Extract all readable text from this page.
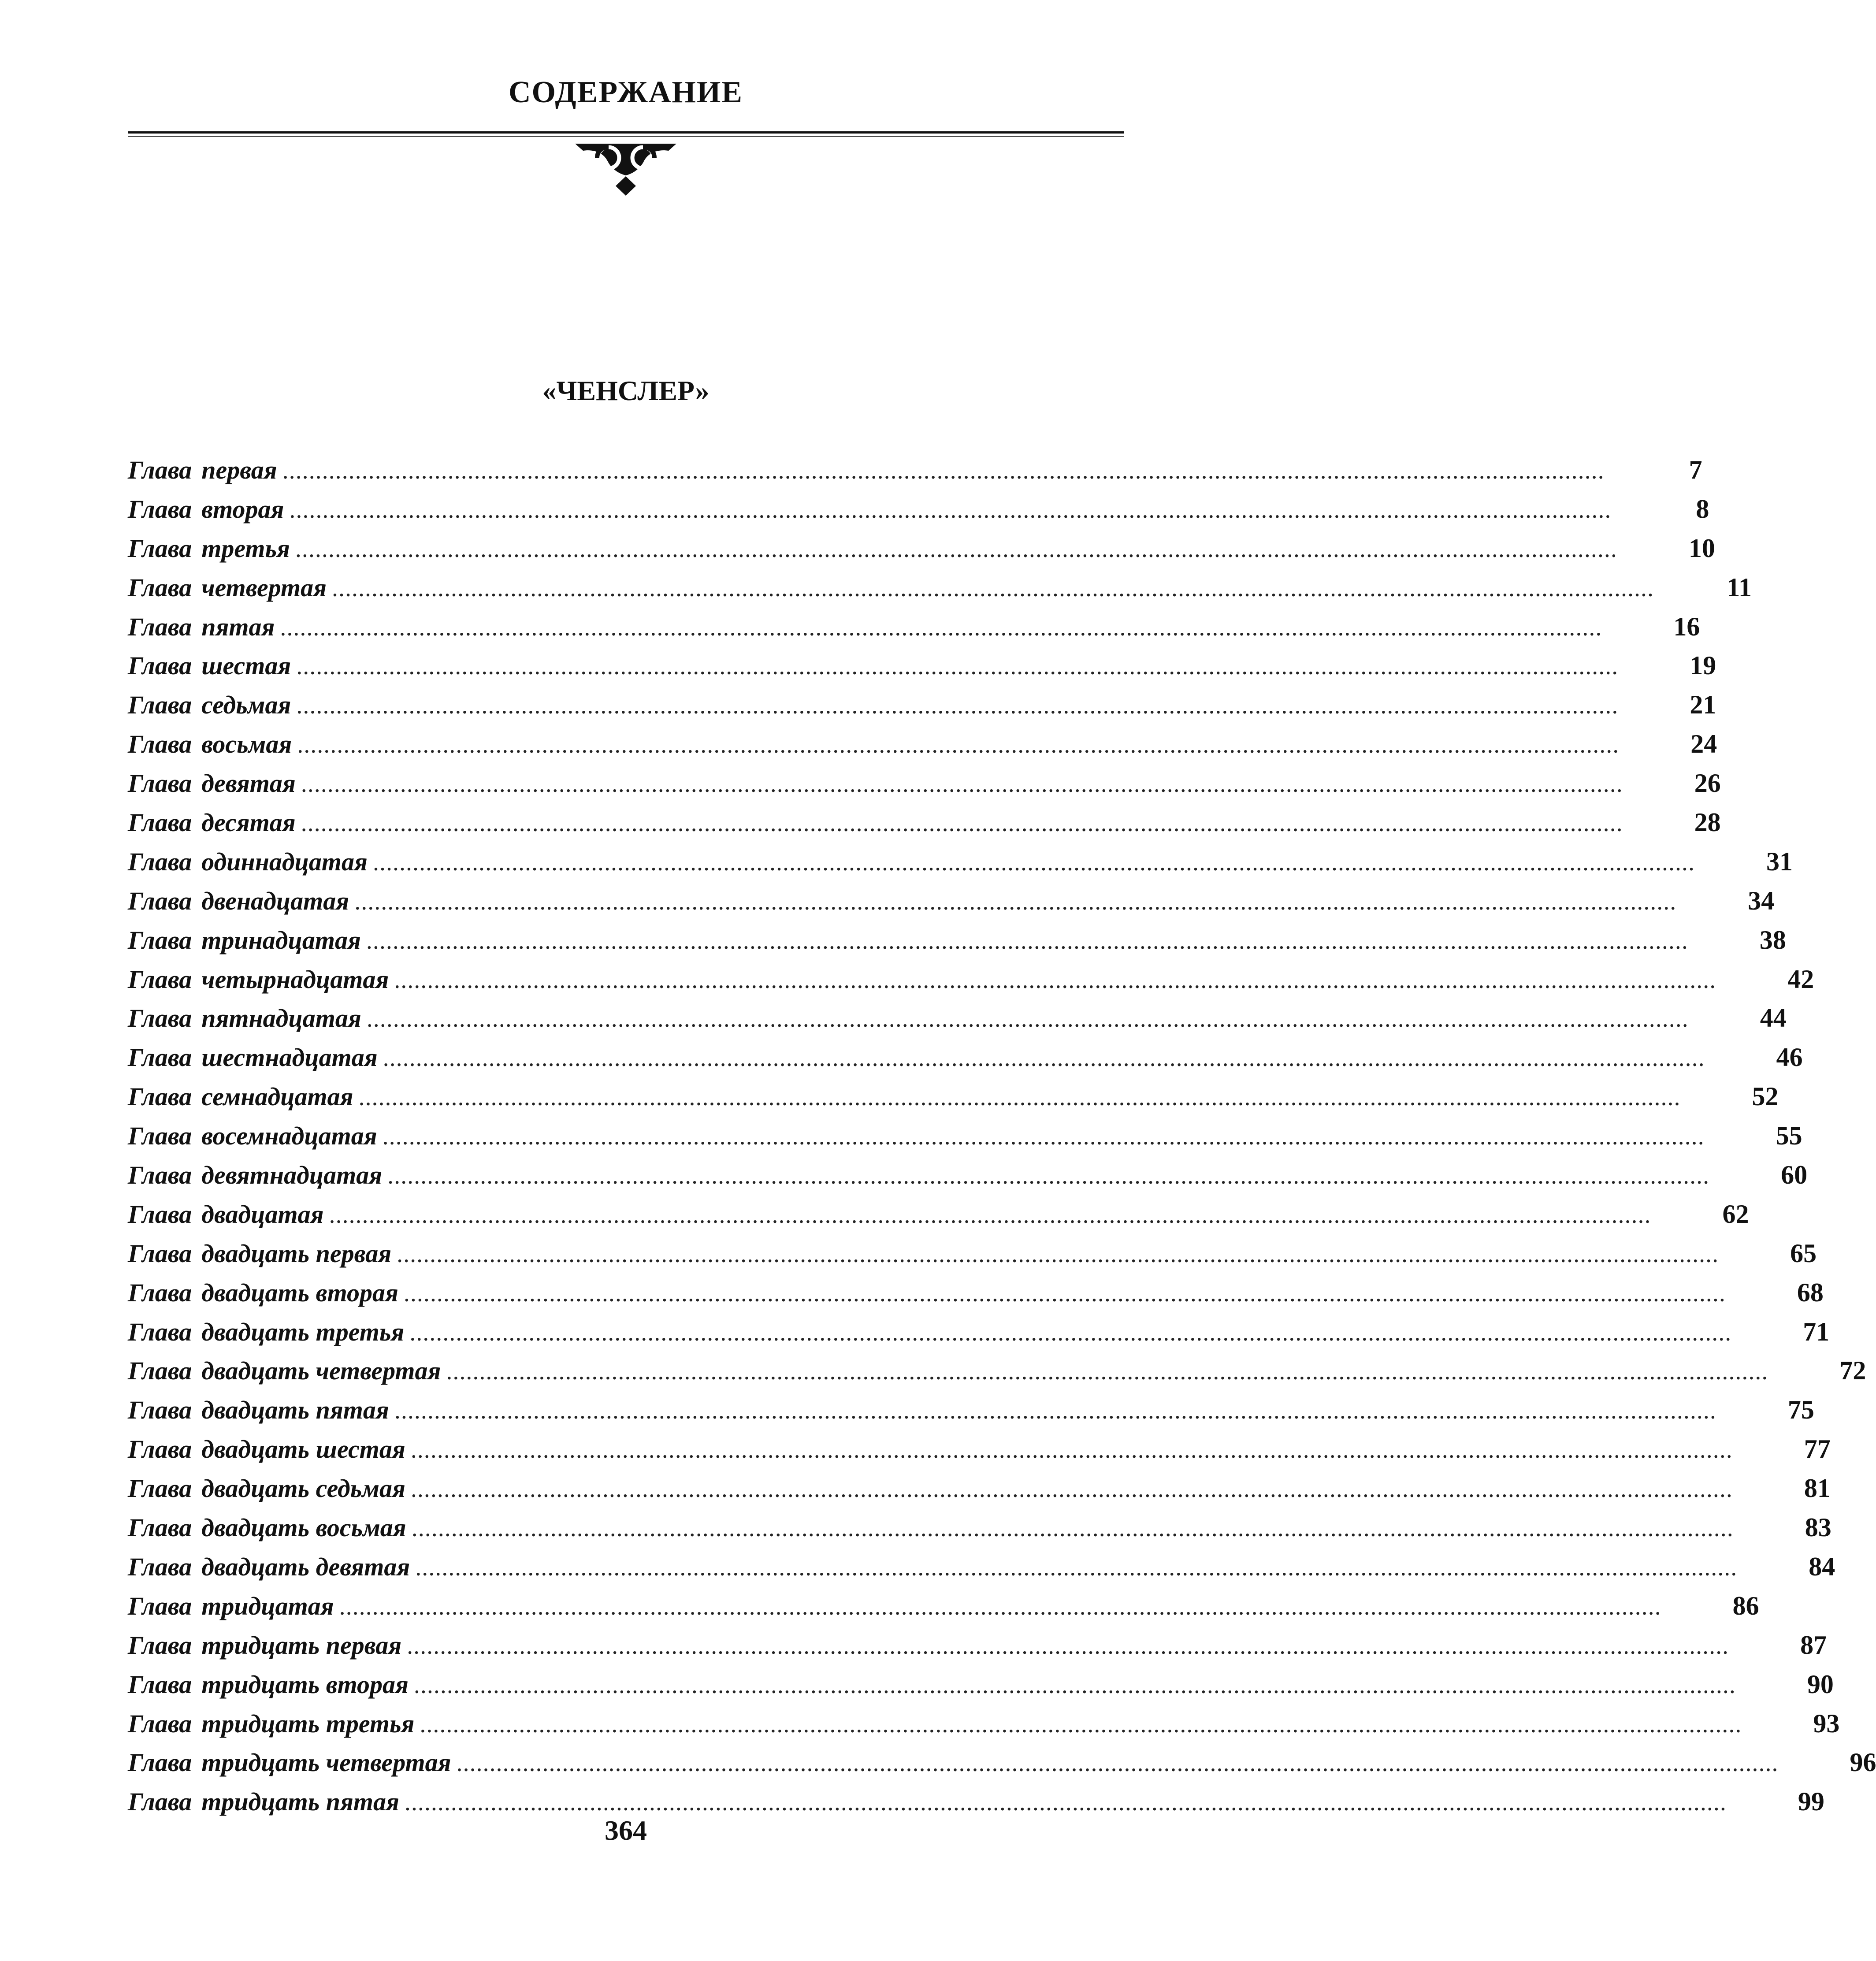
СОДЕРЖАНИЕ
«ЧЕНСЛЕР»
Глава первая ........................................................................................................................................................................................................	7
Глава вторая ........................................................................................................................................................................................................	8
Глава третья ........................................................................................................................................................................................................	10
Глава четвертая ........................................................................................................................................................................................................	11
Глава пятая ........................................................................................................................................................................................................	16
Глава шестая ........................................................................................................................................................................................................	19
Глава седьмая ........................................................................................................................................................................................................	21
Глава восьмая ........................................................................................................................................................................................................	24
Глава девятая ........................................................................................................................................................................................................	26
Глава десятая ........................................................................................................................................................................................................	28
Глава одиннадцатая ........................................................................................................................................................................................................	31
Глава двенадцатая ........................................................................................................................................................................................................	34
Глава тринадцатая ........................................................................................................................................................................................................	38
Глава четырнадцатая ........................................................................................................................................................................................................	42
Глава пятнадцатая ........................................................................................................................................................................................................	44
Глава шестнадцатая ........................................................................................................................................................................................................	46
Глава семнадцатая ........................................................................................................................................................................................................	52
Глава восемнадцатая ........................................................................................................................................................................................................	55
Глава девятнадцатая ........................................................................................................................................................................................................	60
Глава двадцатая ........................................................................................................................................................................................................	62
Глава двадцать первая ........................................................................................................................................................................................................	65
Глава двадцать вторая ........................................................................................................................................................................................................	68
Глава двадцать третья ........................................................................................................................................................................................................	71
Глава двадцать четвертая ........................................................................................................................................................................................................	72
Глава двадцать пятая ........................................................................................................................................................................................................	75
Глава двадцать шестая ........................................................................................................................................................................................................	77
Глава двадцать седьмая ........................................................................................................................................................................................................	81
Глава двадцать восьмая ........................................................................................................................................................................................................	83
Глава двадцать девятая ........................................................................................................................................................................................................	84
Глава тридцатая ........................................................................................................................................................................................................	86
Глава тридцать первая ........................................................................................................................................................................................................	87
Глава тридцать вторая ........................................................................................................................................................................................................	90
Глава тридцать третья ........................................................................................................................................................................................................	93
Глава тридцать четвертая ........................................................................................................................................................................................................	96
Глава тридцать пятая ........................................................................................................................................................................................................	99
364
